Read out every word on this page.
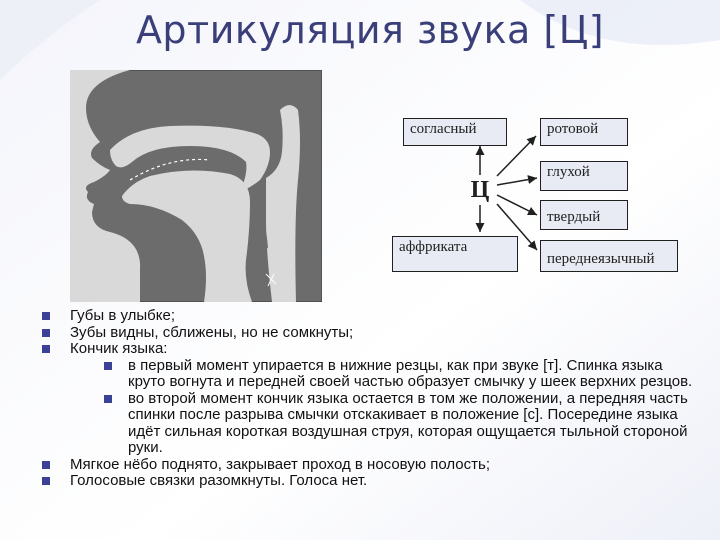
Артикуляция звука [Ц]
согласный	ротовой
глухой
твердый
аффриката
переднеязычный
Ц
Губы в улыбке;
Зубы видны, сближены, но не сомкнуты;
Кончик языка:
в первый момент упирается в нижние резцы, как при звуке [т]. Спинка языка круто вогнута и передней своей частью образует смычку у шеек верхних резцов.
во второй момент кончик языка остается в том же положении, а передняя часть спинки после разрыва смычки отскакивает в положение [с]. Посередине языка идёт сильная короткая воздушная струя, которая ощущается тыльной стороной руки.
Мягкое нёбо поднято, закрывает проход в носовую полость;
Голосовые связки разомкнуты. Голоса нет.
